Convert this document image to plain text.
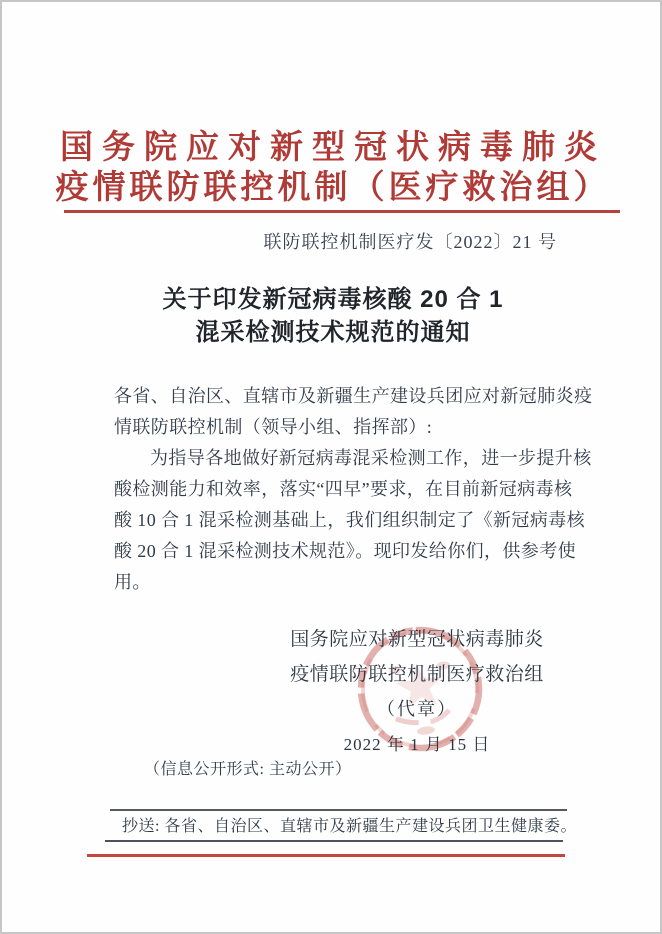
国务院应对新型冠状病毒肺炎
疫情联防联控机制（医疗救治组）
联防联控机制医疗发〔2022〕21 号
关于印发新冠病毒核酸 20 合 1
混采检测技术规范的通知
各省、自治区、直辖市及新疆生产建设兵团应对新冠肺炎疫
情联防联控机制（领导小组、指挥部）:
为指导各地做好新冠病毒混采检测工作，进一步提升核
酸检测能力和效率，落实“四早”要求，在目前新冠病毒核
酸 10 合 1 混采检测基础上，我们组织制定了《新冠病毒核
酸 20 合 1 混采检测技术规范》。现印发给你们，供参考使用。
国务院应对新型冠状病毒肺炎
疫情联防联控机制医疗救治组
（代章）
2022 年 1 月 15 日
（信息公开形式: 主动公开）
抄送: 各省、自治区、直辖市及新疆生产建设兵团卫生健康委。
